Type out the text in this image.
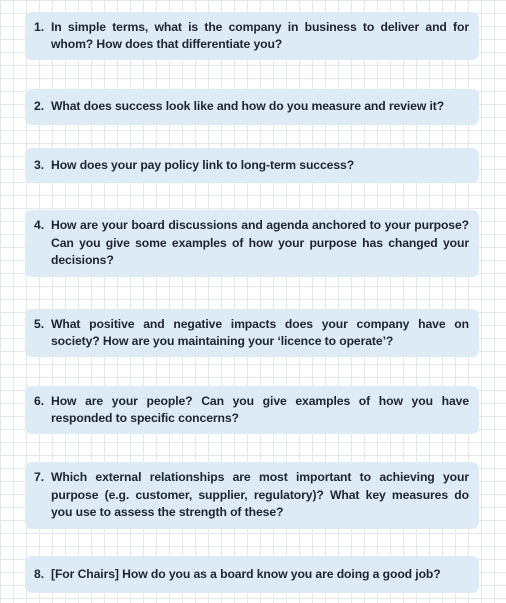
1. In simple terms, what is the company in business to deliver and for whom? How does that differentiate you?
2. What does success look like and how do you measure and review it?
3. How does your pay policy link to long-term success?
4. How are your board discussions and agenda anchored to your purpose? Can you give some examples of how your purpose has changed your decisions?
5. What positive and negative impacts does your company have on society? How are you maintaining your ‘licence to operate’?
6. How are your people? Can you give examples of how you have responded to specific concerns?
7. Which external relationships are most important to achieving your purpose (e.g. customer, supplier, regulatory)? What key measures do you use to assess the strength of these?
8. [For Chairs] How do you as a board know you are doing a good job?
